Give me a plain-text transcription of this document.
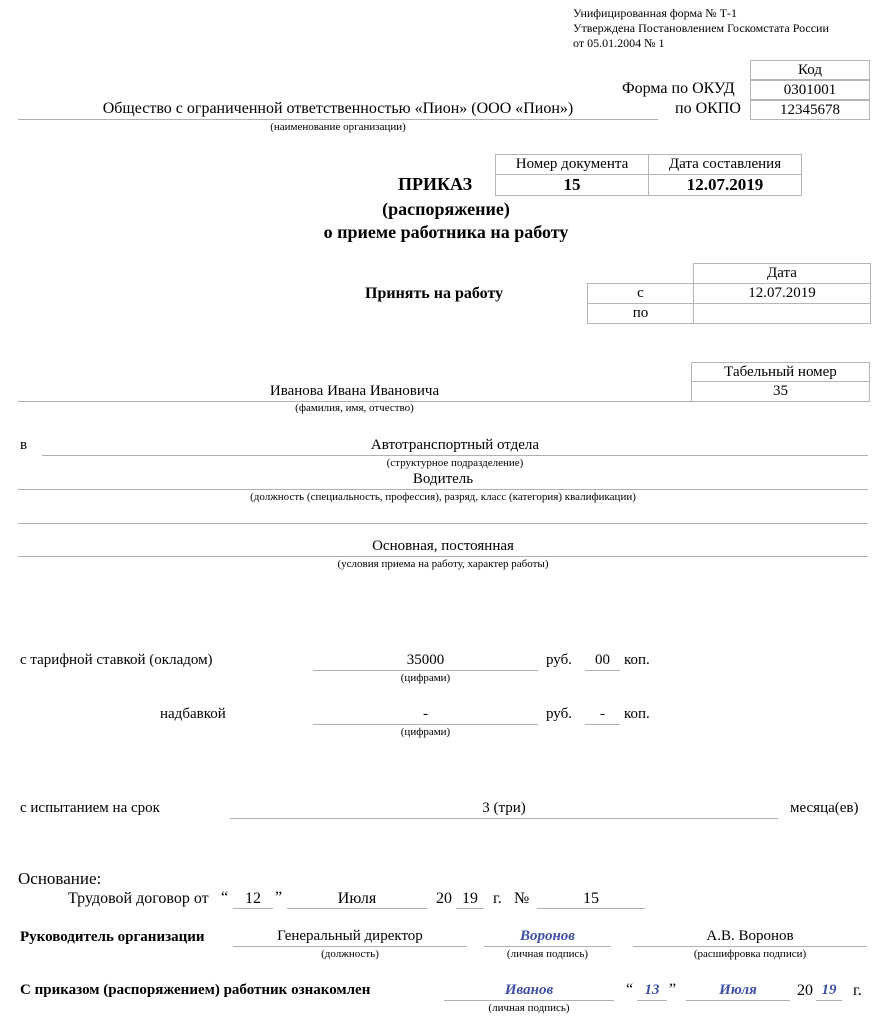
Унифицированная форма № Т-1
Утверждена Постановлением Госкомстата России
от 05.01.2004 № 1
Код
Форма по ОКУД	0301001
по ОКПО	12345678
Общество с ограниченной ответственностью «Пион» (ООО «Пион»)
(наименование организации)
Номер документа	Дата составления
15	12.07.2019
ПРИКАЗ
(распоряжение)
о приеме работника на работу
Принять на работу
Дата
с	12.07.2019
по
Табельный номер
35
Иванова Ивана Ивановича
(фамилия, имя, отчество)
в	Автотранспортный отдела
(структурное подразделение)
Водитель
(должность (специальность, профессия), разряд, класс (категория) квалификации)
Основная, постоянная
(условия приема на работу, характер работы)
с тарифной ставкой (окладом)	35000
(цифрами)
руб.	00 коп.
надбавкой	-
(цифрами)
руб.	-	коп.
с испытанием на срок	3 (три)	месяца(ев)
Основание:
Трудовой договор от “	12 ”	Июля	20 19 г. №	15
Руководитель организации	Генеральный директор
(должность)
Воронов
(личная подпись)
А.В. Воронов
(расшифровка подписи)
С приказом (распоряжением) работник ознакомлен	Иванов
(личная подпись)
“ 13 ”	Июля	20 19	г.
